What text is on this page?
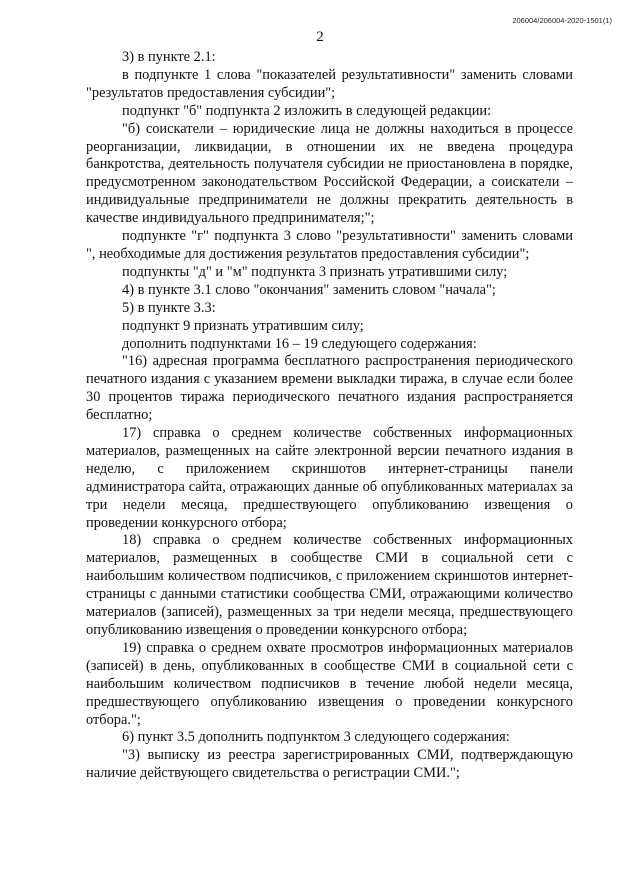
206004/206004-2020-1501(1)
2

3) в пункте 2.1:

в подпункте 1 слова "показателей результативности" заменить словами "результатов предоставления субсидии";

подпункт "б" подпункта 2 изложить в следующей редакции:

"б) соискатели – юридические лица не должны находиться в процессе реорганизации, ликвидации, в отношении их не введена процедура банкротства, деятельность получателя субсидии не приостановлена в порядке, предусмотренном законодательством Российской Федерации, а соискатели – индивидуальные предприниматели не должны прекратить деятельность в качестве индивидуального предпринимателя;";

подпункте "г" подпункта 3 слово "результативности" заменить словами ", необходимые для достижения результатов предоставления субсидии";

подпункты "д" и "м" подпункта 3 признать утратившими силу;

4) в пункте 3.1 слово "окончания" заменить словом "начала";

5) в пункте 3.3:

подпункт 9 признать утратившим силу;

дополнить подпунктами 16 – 19 следующего содержания:

"16) адресная программа бесплатного распространения периодического печатного издания с указанием времени выкладки тиража, в случае если более 30 процентов тиража периодического печатного издания распространяется бесплатно;

17) справка о среднем количестве собственных информационных материалов, размещенных на сайте электронной версии печатного издания в неделю, с приложением скриншотов интернет-страницы панели администратора сайта, отражающих данные об опубликованных материалах за три недели месяца, предшествующего опубликованию извещения о проведении конкурсного отбора;

18) справка о среднем количестве собственных информационных материалов, размещенных в сообществе СМИ в социальной сети с наибольшим количеством подписчиков, с приложением скриншотов интернет-страницы с данными статистики сообщества СМИ, отражающими количество материалов (записей), размещенных за три недели месяца, предшествующего опубликованию извещения о проведении конкурсного отбора;

19) справка о среднем охвате просмотров информационных материалов (записей) в день, опубликованных в сообществе СМИ в социальной сети с наибольшим количеством подписчиков в течение любой недели месяца, предшествующего опубликованию извещения о проведении конкурсного отбора.";

6) пункт 3.5 дополнить подпунктом 3 следующего содержания:

"3) выписку из реестра зарегистрированных СМИ, подтверждающую наличие действующего свидетельства о регистрации СМИ.";
